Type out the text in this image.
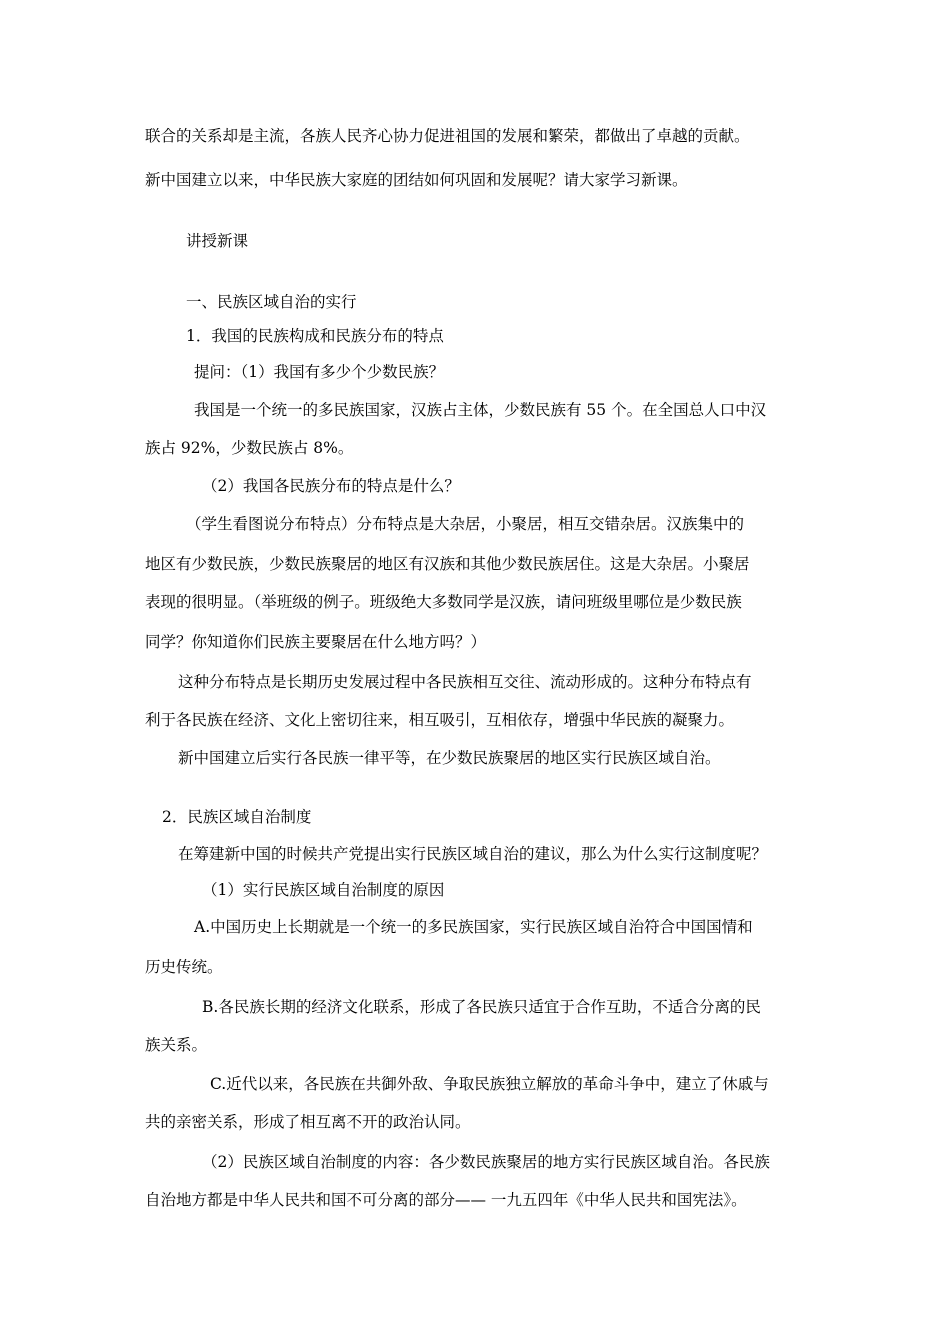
联合的关系却是主流，各族人民齐心协力促进祖国的发展和繁荣，都做出了卓越的贡献。
新中国建立以来，中华民族大家庭的团结如何巩固和发展呢？请大家学习新课。
讲授新课
一、民族区域自治的实行
1．我国的民族构成和民族分布的特点
提问：（1）我国有多少个少数民族？
我国是一个统一的多民族国家，汉族占主体，少数民族有 55 个。在全国总人口中汉
族占 92%，少数民族占 8%。
（2）我国各民族分布的特点是什么？
（学生看图说分布特点）分布特点是大杂居，小聚居，相互交错杂居。汉族集中的
地区有少数民族，少数民族聚居的地区有汉族和其他少数民族居住。这是大杂居。小聚居
表现的很明显。（举班级的例子。班级绝大多数同学是汉族，请问班级里哪位是少数民族
同学？你知道你们民族主要聚居在什么地方吗？）
这种分布特点是长期历史发展过程中各民族相互交往、流动形成的。这种分布特点有
利于各民族在经济、文化上密切往来，相互吸引，互相依存，增强中华民族的凝聚力。
新中国建立后实行各民族一律平等，在少数民族聚居的地区实行民族区域自治。
2．民族区域自治制度
在筹建新中国的时候共产党提出实行民族区域自治的建议，那么为什么实行这制度呢？
（1）实行民族区域自治制度的原因
A.中国历史上长期就是一个统一的多民族国家，实行民族区域自治符合中国国情和
历史传统。
B.各民族长期的经济文化联系，形成了各民族只适宜于合作互助，不适合分离的民
族关系。
C.近代以来，各民族在共御外敌、争取民族独立解放的革命斗争中，建立了休戚与
共的亲密关系，形成了相互离不开的政治认同。
（2）民族区域自治制度的内容：各少数民族聚居的地方实行民族区域自治。各民族
自治地方都是中华人民共和国不可分离的部分—— 一九五四年《中华人民共和国宪法》。
